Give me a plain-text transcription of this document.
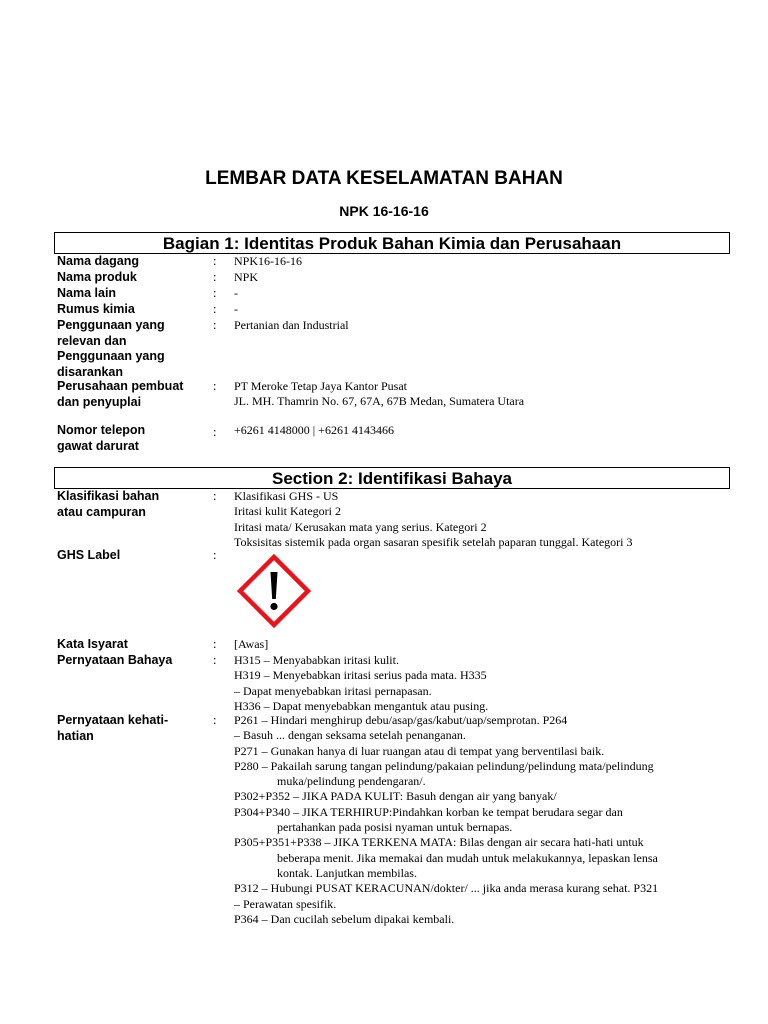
LEMBAR DATA KESELAMATAN BAHAN
NPK 16-16-16
Bagian 1: Identitas Produk Bahan Kimia dan Perusahaan
Nama dagang	: NPK16-16-16
Nama produk	: NPK
Nama lain	: -
Rumus kimia	: -
Penggunaan yang
relevan dan
Penggunaan yang
disarankan
: Pertanian dan Industrial
Perusahaan pembuat
dan penyuplai
: PT Meroke Tetap Jaya Kantor Pusat
JL. MH. Thamrin No. 67, 67A, 67B Medan, Sumatera Utara
Nomor telepon
gawat darurat
: +6261 4148000 | +6261 4143466
Section 2: Identifikasi Bahaya
Klasifikasi bahan
atau campuran
: Klasifikasi GHS - US
Iritasi kulit Kategori 2
Iritasi mata/ Kerusakan mata yang serius. Kategori 2
Toksisitas sistemik pada organ sasaran spesifik setelah paparan tunggal. Kategori 3
GHS Label	:
Kata Isyarat	: [Awas]
Pernyataan Bahaya	: H315 – Menyababkan iritasi kulit.
H319 – Menyebabkan iritasi serius pada mata. H335
– Dapat menyebabkan iritasi pernapasan.
H336 – Dapat menyebabkan mengantuk atau pusing.
Pernyataan kehati-
hatian
: P261 – Hindari menghirup debu/asap/gas/kabut/uap/semprotan. P264
– Basuh ... dengan seksama setelah penanganan.
P271 – Gunakan hanya di luar ruangan atau di tempat yang berventilasi baik.
P280 – Pakailah sarung tangan pelindung/pakaian pelindung/pelindung mata/pelindung
muka/pelindung pendengaran/.
P302+P352 – JIKA PADA KULIT: Basuh dengan air yang banyak/
P304+P340 – JIKA TERHIRUP:Pindahkan korban ke tempat berudara segar dan
pertahankan pada posisi nyaman untuk bernapas.
P305+P351+P338 – JIKA TERKENA MATA: Bilas dengan air secara hati-hati untuk
beberapa menit. Jika memakai dan mudah untuk melakukannya, lepaskan lensa
kontak. Lanjutkan membilas.
P312 – Hubungi PUSAT KERACUNAN/dokter/ ... jika anda merasa kurang sehat. P321
– Perawatan spesifik.
P364 – Dan cucilah sebelum dipakai kembali.
